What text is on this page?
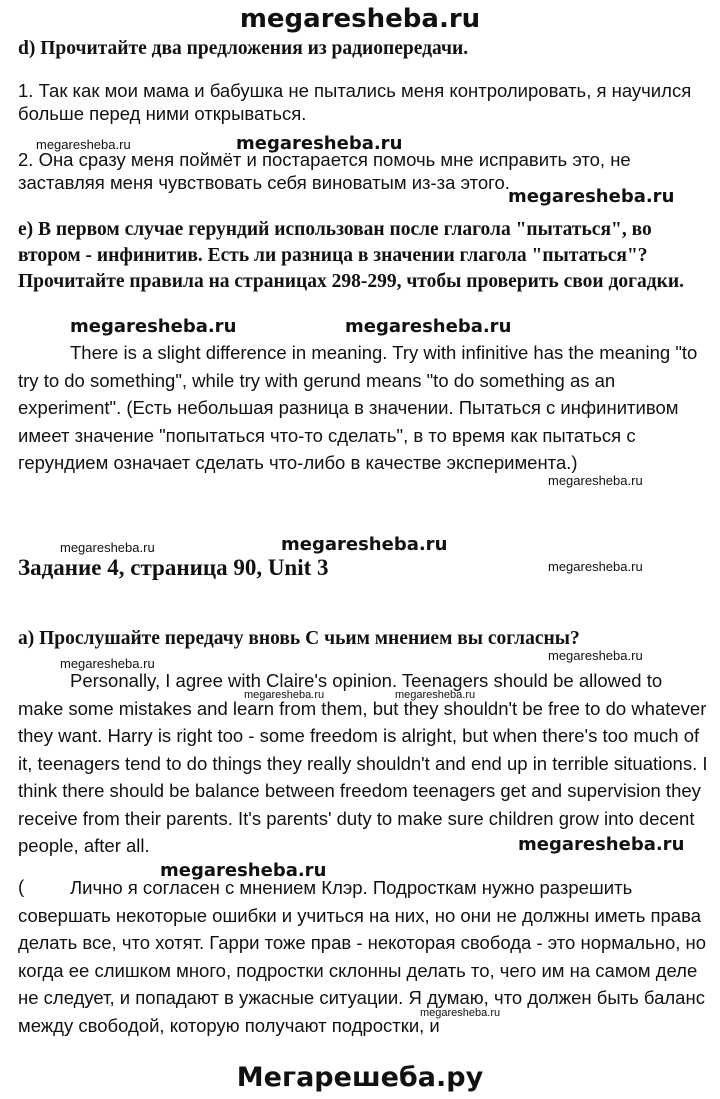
megaresheba.ru
d) Прочитайте два предложения из радиопередачи.
1. Так как мои мама и бабушка не пытались меня контролировать, я научился больше перед ними открываться.
megaresheba.ru	megaresheba.ru
2. Она сразу меня поймёт и постарается помочь мне исправить это, не заставляя меня чувствовать себя виноватым из-за этого.
megaresheba.ru
e) В первом случае герундий использован после глагола "пытаться", во втором - инфинитив. Есть ли разница в значении глагола "пытаться"? Прочитайте правила на страницах 298-299, чтобы проверить свои догадки.
megaresheba.ru	megaresheba.ru
There is a slight difference in meaning. Try with infinitive has the meaning "to try to do something", while try with gerund means "to do something as an experiment". (Есть небольшая разница в значении. Пытаться с инфинитивом имеет значение "попытаться что-то сделать", в то время как пытаться с герундием означает сделать что-либо в качестве эксперимента.)
megaresheba.ru
megaresheba.ru	megaresheba.ru
Задание 4, страница 90, Unit 3	megaresheba.ru
a) Прослушайте передачу вновь С чьим мнением вы согласны?
megaresheba.ru
megaresheba.ru
megaresheba.ru	megaresheba.ru
Personally, I agree with Claire's opinion. Teenagers should be allowed to make some mistakes and learn from them, but they shouldn't be free to do whatever they want. Harry is right too - some freedom is alright, but when there's too much of it, teenagers tend to do things they really shouldn't and end up in terrible situations. I think there should be balance between freedom teenagers get and supervision they receive from their parents. It's parents' duty to make sure children grow into decent people, after all.	megaresheba.ru
megaresheba.ru
(	Лично я согласен с мнением Клэр. Подросткам нужно разрешить совершать некоторые ошибки и учиться на них, но они не должны иметь права делать все, что хотят. Гарри тоже прав - некоторая свобода - это нормально, но когда ее слишком много, подростки склонны делать то, чего им на самом деле не следует, и попадают в ужасные ситуации. Я думаю, что должен быть баланс между свободой, которую получают подростки, и
megaresheba.ru
Мегарешеба.ру
